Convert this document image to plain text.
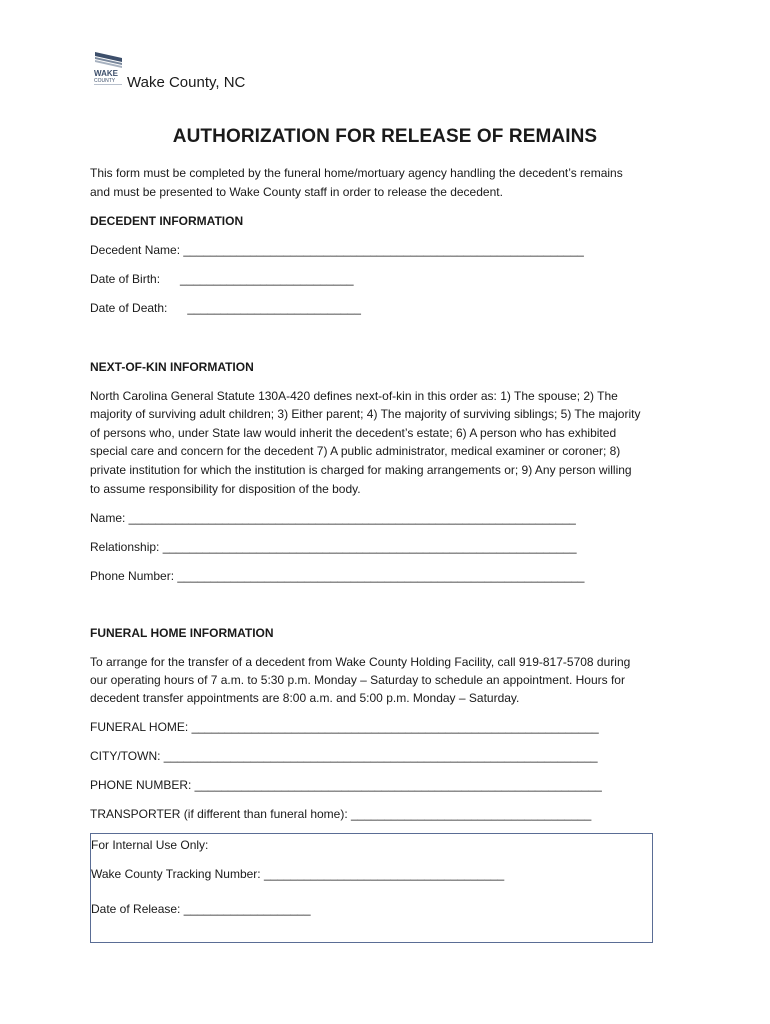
WAKE
COUNTY Wake County, NC
AUTHORIZATION FOR RELEASE OF REMAINS
This form must be completed by the funeral home/mortuary agency handling the decedent’s remains
and must be presented to Wake County staff in order to release the decedent.
DECEDENT INFORMATION
Decedent Name: ____________________________________________________________
Date of Birth:      __________________________
Date of Death:      __________________________
NEXT-OF-KIN INFORMATION
North Carolina General Statute 130A-420 defines next-of-kin in this order as: 1) The spouse; 2) The
majority of surviving adult children; 3) Either parent; 4) The majority of surviving siblings; 5) The majority
of persons who, under State law would inherit the decedent’s estate; 6) A person who has exhibited
special care and concern for the decedent 7) A public administrator, medical examiner or coroner; 8)
private institution for which the institution is charged for making arrangements or; 9) Any person willing
to assume responsibility for disposition of the body.
Name: ___________________________________________________________________
Relationship: ______________________________________________________________
Phone Number: _____________________________________________________________
FUNERAL HOME INFORMATION
To arrange for the transfer of a decedent from Wake County Holding Facility, call 919-817-5708 during
our operating hours of 7 a.m. to 5:30 p.m. Monday – Saturday to schedule an appointment. Hours for
decedent transfer appointments are 8:00 a.m. and 5:00 p.m. Monday – Saturday.
FUNERAL HOME: _____________________________________________________________
CITY/TOWN: _________________________________________________________________
PHONE NUMBER: _____________________________________________________________
TRANSPORTER (if different than funeral home): ____________________________________
For Internal Use Only:
Wake County Tracking Number: ____________________________________
Date of Release: ___________________
